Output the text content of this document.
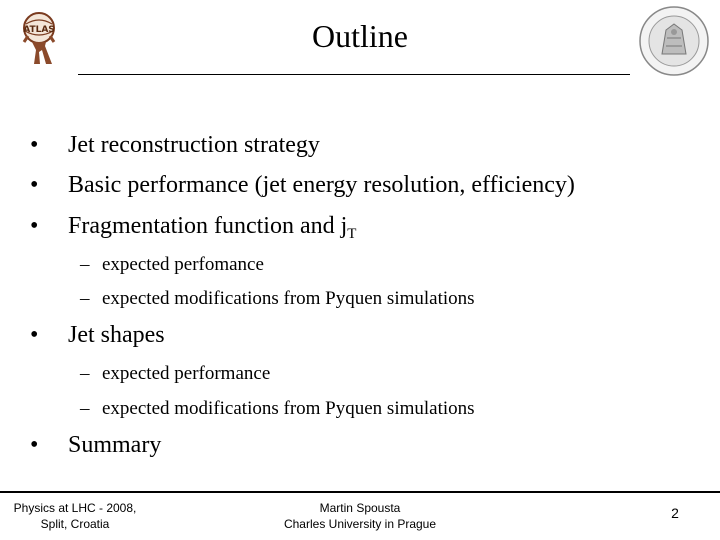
ATLAS	Outline
• Jet reconstruction strategy
• Basic performance (jet energy resolution, efficiency)
• Fragmentation function and $j_T$
– expected perfomance
– expected modifications from Pyquen simulations
• Jet shapes
– expected performance
– expected modifications from Pyquen simulations
• Summary
Physics at LHC - 2008,
Split, Croatia
Martin Spousta
Charles University in Prague
2
